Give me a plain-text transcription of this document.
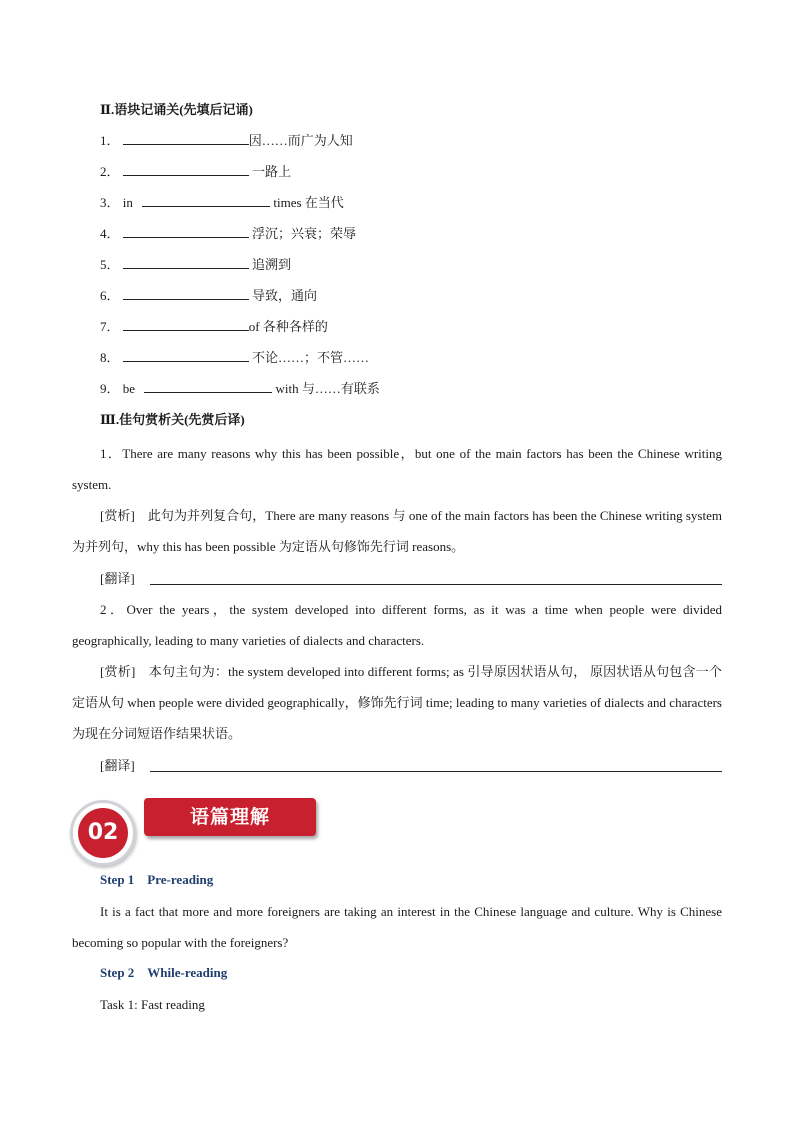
Ⅱ.语块记诵关(先填后记诵)
1．	因……而广为人知
2．	一路上
3． in	times 在当代
4．	浮沉；兴衰；荣辱
5．	追溯到
6．	导致，通向
7．	of 各种各样的
8．	不论……；不管……
9． be	with 与……有联系
Ⅲ.佳句赏析关(先赏后译)
1．There are many reasons why this has been possible，but one of the main factors has been the Chinese writing system.
[赏析]　此句为并列复合句，There are many reasons 与 one of the main factors has been the Chinese writing system 为并列句，why this has been possible 为定语从句修饰先行词 reasons。
[翻译]
2．Over the years，the system developed into different forms, as it was a time when people were divided geographically, leading to many varieties of dialects and characters.
[赏析]　本句主句为：the system developed into different forms; as 引导原因状语从句， 原因状语从句包含一个定语从句 when people were divided geographically，修饰先行词 time; leading to many varieties of dialects and characters为现在分词短语作结果状语。
[翻译]
02
语篇理解
Step 1　Pre-reading
It is a fact that more and more foreigners are taking an interest in the Chinese language and culture. Why is Chinese becoming so popular with the foreigners?
Step 2　While-reading
Task 1: Fast reading
